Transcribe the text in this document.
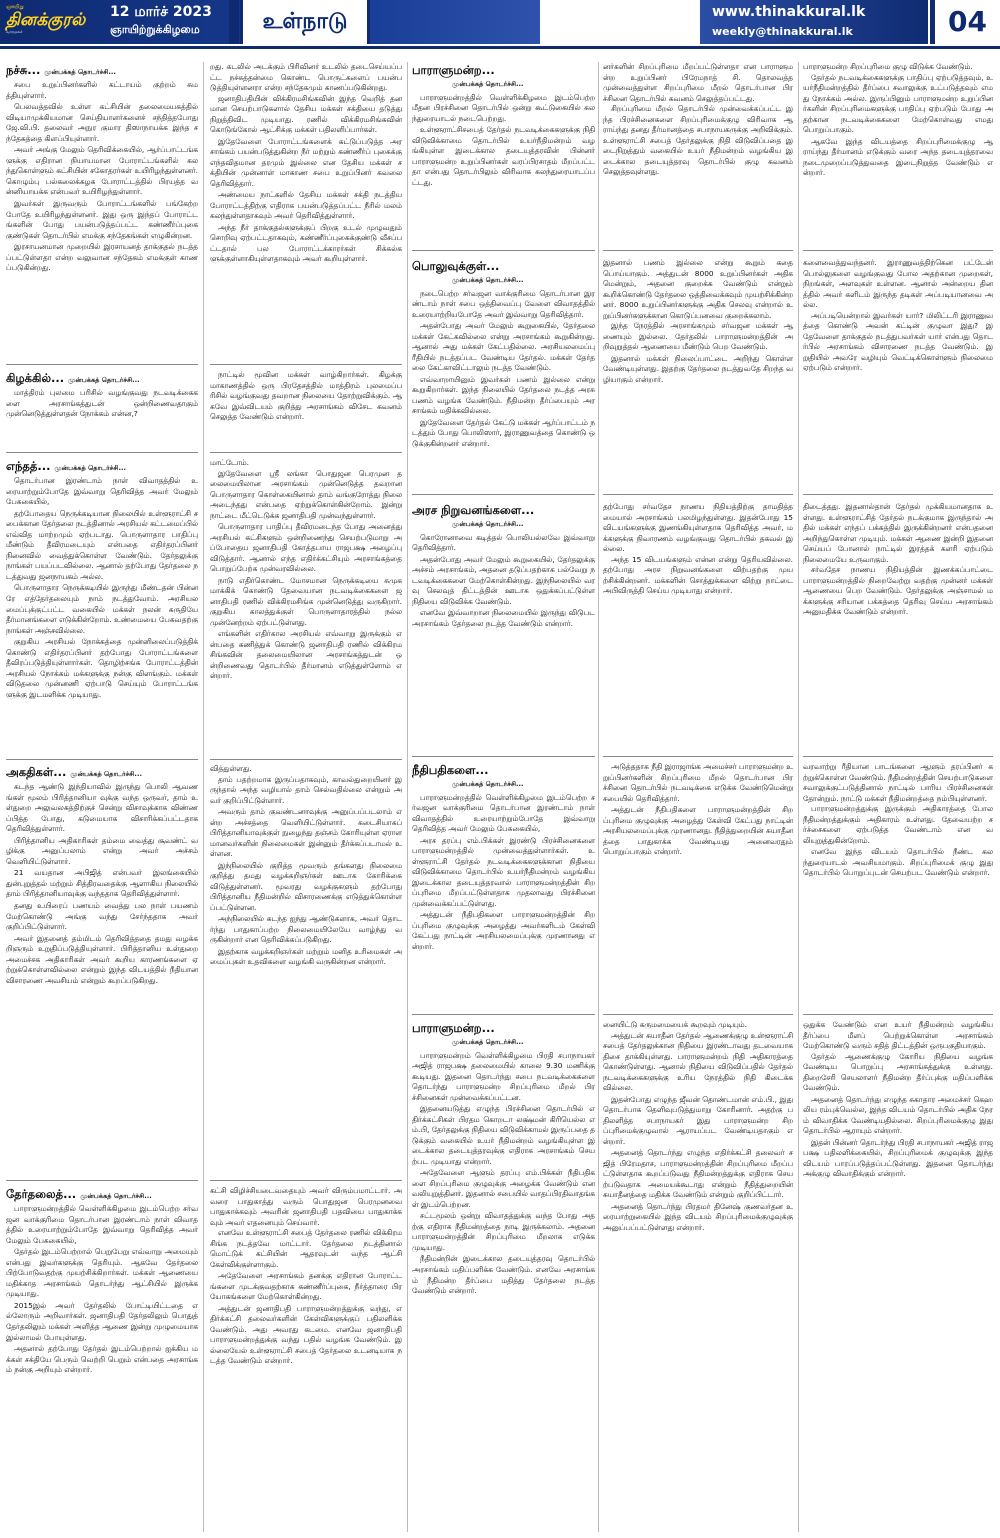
ஞாயிறு
தினக்குரல்
வாரமலர்
12 மார்ச் 2023
ஞாயிற்றுக்கிழமை	உள்நாடு	www.thinakkural.lk
weekly@thinakkural.lk	04
நச்சு... முன்பக்கத் தொடர்ச்சி...

சபை உறுப்பினர்களில் கட்டாயம் குற்றம் சுமத்தியுள்ளார்.

பெலவத்தவில் உள்ள கட்சியின் தலைமையகத்தில் விடியாமுக்கியமான செய்தியாளர்களைச் சந்தித்தபோது ஜே.வி.பி. தலைவர் அநுர குமார திஸாநாயக்க இந்த சந்தேகத்தை கிளப்பியுள்ளார்.

அவர் அங்கு மேலும் தெரிவிக்கையில், ஆர்ப்பாட்டங்களுக்கு எதிரான நியாயமான போராட்டங்களில் கலந்துகொள்ளும் கட்சியின் சகோதரர்கள் உயிரிழந்துள்ளனர். கொழும்பு பல்கலைக்கழக போராட்டத்தில் பிரயத்த வன்னியாயக்க என்பவர் உயிரிழந்துள்ளார்.

இவர்கள் இருவரும் போராட்டங்களில் பங்கேற்ற போதே உயிரிழந்துள்ளனர். இது ஒரு இந்தப் போராட்டங்களின் போது பயன்படுத்தப்பட்ட கண்ணீர்ப்புகை குண்டுகள் தொடர்பில் எமக்கு சந்தேகங்கள் எழுகின்றன.

இரசாயனமான முறையில் இரசாயனத் தாக்குதல் நடத்தப்பட்டுள்ளதா என்ற வலுவான சந்தேகம் எமக்குள் காணப்படுகின்றது.

கிழக்கில்... முன்பக்கத் தொடர்ச்சி...

மாத்திரம் புலமை பரிசில் வழங்குவது நடவடிக்கைகளை அரசாங்கத்துடன் ஒன்றிணைவதாகும் முன்னெடுத்துள்ளதன் நோக்கம் என்ன,?

எந்தத்... முன்பக்கத் தொடர்ச்சி...

தொடர்பான இரண்டாம் நாள் விவாதத்தில் உரையாற்றும்போதே இவ்வாறு தெரிவித்த அவர் மேலும் பேசுகையில்,

தற்போதைய நெருக்கடியான நிலையில் உள்ளூராட்சி சபைக்கான தேர்தலை நடத்தினால் அரசியல் கட்டமைப்பில் எவ்வித மாற்றமும் ஏற்படாது. பொருளாதார பாதிப்பு மீண்டும் தீவிரமடையும் என்பதை எதிர்தரப்பினர் நினைவில் வைத்துக்கொள்ள வேண்டும். தேர்தலுக்கு நாங்கள் பயப்படவில்லை. ஆனால் தற்போது தேர்தலை நடத்துவது ஜனநாயகம் அல்ல.

பொருளாதார நெருக்கடியில் இருந்து மீண்டதன் பின்னரே எத்தேர்தலையும் நாம் நடத்துவோம். அரசியலமைப்புக்குட்பட்ட வகையில் மக்கள் நலன் கருதியே தீர்மானங்களை எடுக்கின்றோம். உண்மையை பேசுவதற்கு நாங்கள் அஞ்சவில்லை.

குறுகிய அரசியல் நோக்கத்தை முன்னிலைப்படுத்திக் கொண்டு எதிர்தரப்பினர் தற்போது போராட்டங்களை தீவிரப்படுத்தியுள்ளார்கள். தொழிற்சங்க போராட்டத்தின் அரசியல் நோக்கம் மக்களுக்கு நன்கு விளங்கும். மக்கள் விடுதலை முன்னணி ஏற்பாடு செய்யும் போராட்டங்களுக்கு இடமளிக்க முடியாது.

அகதிகள்... முன்பக்கத் தொடர்ச்சி...

கடந்த ஆண்டு இந்தியாவில் இருந்து பொலி ஆவணங்கள் மூலம் பிரித்தானியா வுக்கு வந்த ஒருவர், தாம் உள்துறை அலுவலகத்திற்குச் சென்று விசாவுக்காக விண்ணப்பித்த போது, கடுமையாக விசாரிக்கப்பட்டதாக தெரிவித்துள்ளார்.

பிரித்தானிய அதிகாரிகள் தம்மை வைத்து சூவண்ட் வழிக்கு அனுப்பலாம் என்று அவர் அச்சம் வெளியிட்டுள்ளார்.

21 வயதான அபிஜித் என்பவர் இலங்கையில் துன்புறுத்தல் மற்றும் சித்திரவதைக்கு ஆளாகிய நிலையில் தாம் பிரித்தானியாவுக்கு வந்ததாக தெரிவித்துள்ளார்.

தனது உயிரைப் பணயம் வைத்து பல நாள் பயணம் மேற்கொண்டு அங்கு வந்து சேர்ந்ததாக அவர் குறிப்பிட்டுள்ளார்.

அவர் இதனைத் தம்மிடம் தெரிவித்ததை தமது வழக்கறிஞரும் உறுதிப்படுத்தியுள்ளார். பிரித்தானிய உள்துறை அமைச்சக அதிகாரிகள் அவர் கூறிய காரணங்களை ஏற்றுக்கொள்ளவில்லை என்றும் இந்த விடயத்தில் நீதியான விசாரணை அவசியம் என்றும் கூறப்படுகிறது.

தேர்தலைத்... முன்பக்கத் தொடர்ச்சி...

பாராளுமன்றத்தில் வெள்ளிக்கிழமை இடம்பெற்ற சர்வஜன வாக்குரிமை தொடர்பான இரண்டாம் நாள் விவாதத்தில் உரையாற்றும்போதே இவ்வாறு தெரிவித்த அவர் மேலும் பேசுகையில்,

தேர்தல் இடம்பெற்றால் பெறுபேறு எவ்வாறு அமையும் என்பது இவர்களுக்கு தெரியும். ஆகவே தேர்தலை பிற்போடுவதற்கு முயற்சிக்கிறார்கள். மக்கள் ஆணையை மதிக்காத அரசாங்கம் தொடர்ந்து ஆட்சியில் இருக்க முடியாது.

2015இல் அவர் தேர்தலில் போட்டியிட்டதை எல்லோரும் அறிவார்கள். ஜனாதிபதி தேர்தலிலும் பொதுத் தேர்தலிலும் மக்கள் அளித்த ஆணை இன்று முழுமையாக இல்லாமல் போயுள்ளது.

அதனால் தற்போது தேர்தல் இடம்பெற்றால் ஐக்கிய மக்கள் சக்தியே பெரும் வெற்றி பெறும் என்பதை அரசாங்கம் நன்கு அறியும் என்றார்.

றது. கடலில் அடக்கும் பிரிவினர் உடலில் தடைசெய்யப்பட்ட நச்சுத்தன்மை கொண்ட பொருட்களைப் பயன்படுத்தியுள்ளனரா என்ற சந்தேகமும் காணப்படுகின்றது.

ஜனாதிபதியின் விக்கிரமசிங்கவின் இந்த வெறித் தனமான செயற்பாடுகளால் தேசிய மக்கள் சக்தியை தடுத்து நிறுத்திவிட முடியாது. ரணில் விக்கிரமசிங்கவின் கொடுங்கோல் ஆட்சிக்கு மக்கள் பதிலளிப்பார்கள்.

இதேவேளை போராட்டங்களைக் கட்டுப்படுத்த அரசாங்கம் பயன்படுத்துகின்ற நீர் மற்றும் கண்ணீர்ப் புகைக்கு எந்தவிதமான தரமும் இல்லை என தேசிய மக்கள் சக்தியின் முன்னாள் மாகாண சபை உறுப்பினர் கவலை தெரிவித்தார்.

அண்மைய நாட்களில் தேசிய மக்கள் சக்தி நடத்திய போராட்டத்திற்கு எதிராக பயன்படுத்தப்பட்ட நீரில் மலம் கலந்துள்ளதாகவும் அவர் தெரிவித்துள்ளார்.

அந்த நீர் தாக்குதல்களுக்குப் பிறகு உடல் முழுவதும் சொறிவு ஏற்பட்டதாகவும், கண்ணீர்ப்புகைக்குண்டு வீசப்பட்டதால் பல போராட்டக்காரர்கள் சிக்கல்களுக்குள்ளாகியுள்ளதாகவும் அவர் கூறியுள்ளார்.

நாட்டில் மூவின மக்கள் வாழ்கிறார்கள். கிழக்கு மாகாணத்தில் ஒரு பிரதேசத்தில் மாத்திரம் புலமைப்பரிசில் வழங்குவது தவறான நிலையை தோற்றுவிக்கும். ஆகவே இவ்விடயம் குறித்து அரசாங்கம் விசேட கவனம் செலுத்த வேண்டும் என்றார்.

மாட்டோம்.

இதேவேளை ஸ்ரீ லங்கா பொதுஜன பெரமுன தலைமையிலான அரசாங்கம் முன்னெடுத்த தவறான பொருளாதார கொள்கையினால் தாம் வங்குரோத்து நிலை அடைந்தது என்பதை ஏற்றுக்கொள்கின்றோம். இன்று நாட்டை மீட்டெடுக்க ஜனாதிபதி முன்வந்துள்ளார்.

பொருளாதார பாதிப்பு தீவிரமடைந்த போது அனைத்து அரசியல் கட்சிகளும் ஒன்றிணைந்து செயற்படுமாறு அப்போதைய ஜனாதிபதி கோத்தபாய ராஜபக்ஷ அழைப்பு விடுத்தார். ஆனால் எந்த எதிர்க்கட்சியும் அரசாங்கத்தை பொறுப்பேற்க முன்வரவில்லை.

நாடு எதிர்கொண்ட மோசமான நெருக்கடியை சுமுகமாக்கிக் கொண்டு தேவையான நடவடிக்கைகளை ஜனாதிபதி ரணில் விக்கிரமசிங்க முன்னெடுத்து வருகிறார். குறுகிய காலத்துக்குள் பொருளாதாரத்தில் நல்ல முன்னேற்றம் ஏற்பட்டுள்ளது.

எங்களின் எதிர்கால அரசியல் எவ்வாறு இருக்கும் என்பதை கணித்துக் கொண்டு ஜனாதிபதி ரணில் விக்கிரமசிங்கவின் தலைமையிலான அரசாங்கத்துடன் ஒன்றிணைவது தொடர்பில் தீர்மானம் எடுத்துள்ளோம் என்றார்.

வித்துள்ளது.

தாம் பதற்றமாக இருப்பதாகவும், காவல்துறையினர் இருந்தால் அந்த வழியால் தாம் செல்வதில்லை என்றும் அவர் குறிப்பிட்டுள்ளார்.

அவரும் தாம் குவண்டனாவுக்கு அனுப்பப்படலாம் என்ற அச்சத்தை வெளியிட்டுள்ளார். கடைசியாகப் பிரித்தானியாவுக்குள் நுழைந்து தஞ்சம் கோரியுள்ள ஏராளமானவர்களின் நிலைமைகள் இன்னும் தீர்க்கப்படாமல் உள்ளன.

இந்நிலையில் குறித்த மூவரும் தங்களது நிலைமை குறித்து தமது வழக்கறிஞர்கள் ஊடாக கோரிக்கை விடுத்துள்ளனர். மூவரது வழக்குகளும் தற்போது பிரித்தானிய நீதிமன்றில் விசாரணைக்கு எடுத்துக்கொள்ளப்பட்டுள்ளன.

அந்நிலையில் கடந்த ஐந்து ஆண்டுகளாக, அவர் தொடர்ந்து பாதுகாப்பற்ற நிலைமையிலேயே வாழ்ந்து வருகின்றார் என தெரிவிக்கப்படுகிறது.

இதற்காக வழக்கறிஞர்கள் மற்றும் மனித உரிமைகள் அமைப்புகள் உதவிகளை வழங்கி வருகின்றன என்றார்.

கட்சி விழிச்சியடைவதையும் அவர் விரும்பமாட்டார். அவரை பாதுகாத்து வரும் பொதுஜன பெரமுனவை பாதுகாக்கவும் அவரின் ஜனாதிபதி பதவியை பாதுகாக்கவும் அவர் எதனையும் செய்வார்.

எனவே உள்ளூராட்சி சபைத் தேர்தலை ரணில் விக்கிரமசிங்க நடத்தவே மாட்டார். தேர்தலை நடத்தினால் மொட்டுக் கட்சியின் ஆதரவுடன் வந்த ஆட்சி கேள்விக்குள்ளாகும்.

அதேவேளை அரசாங்கம் தனக்கு எதிரான போராட்டங்களை முடக்குவதற்காக கண்ணீர்ப்புகை, நீர்த்தாரை பிரயோகங்களை மேற்கொள்கின்றது.

அத்துடன் ஜனாதிபதி பாராளுமன்றத்துக்கு வந்து, எதிர்க்கட்சி தலைவர்களின் கேள்விகளுக்குப் பதிலளிக்க வேண்டும். அது அவரது கடமை. எனவே ஜனாதிபதி பாராளுமன்றத்துக்கு வந்து பதில் வழங்க வேண்டும். இல்லையேல் உள்ளூராட்சி சபைத் தேர்தலை உடனடியாக நடத்த வேண்டும் என்றார்.

பாராளுமன்ற...
முன்பக்கத் தொடர்ச்சி...

பாராளுமன்றத்தில் வெள்ளிக்கிழமை இடம்பெற்ற மீதன பிரச்சினை தொடர்பில் ஒன்று கூட்டுகையில் கலந்துரையாடல் நடைபெற்றது.

உள்ளூராட்சிசபைத் தேர்தல் நடவடிக்கைகளுக்கு நிதி விடுவிக்காமை தொடர்பில் உயர்நீதிமன்றம் வழங்கியுள்ள இடைக்கால தடையுத்தரவின் பின்னர் பாராளுமன்ற உறுப்பினர்கள் வரப்பிரசாதம் மீறப்பட்டதா என்பது தொடர்பிலும் விரிவாக கலந்துரையாடப்பட்டது.

பொலுவுக்குள்...
முன்பக்கத் தொடர்ச்சி...

நடைபெற்ற சர்வஜன வாக்குரிமை தொடர்பான இரண்டாம் நாள் சபை ஒத்திவைப்பு வேளை விவாதத்தில் உரையாற்றியபோதே அவர் இவ்வாறு தெரிவித்தார்.

அதன்போது அவர் மேலும் கூறுகையில், தேர்தலை மக்கள் கேட்கவில்லை என்று அரசாங்கம் கூறுகின்றது. ஆனால் அது மக்கள் கேட்பதில்லை. அரசியலமைப்பு ரீதியில் நடத்தப்பட வேண்டிய தேர்தல். மக்கள் தேர்தலை கேட்காவிட்டாலும் நடத்த வேண்டும்.

எவ்வாறாயினும் இவர்கள் பணம் இல்லை என்று கூறுகிறார்கள். இந்த நிலையில் தேர்தலை நடத்த அரசு பணம் வழங்க வேண்டும். நீதிமன்ற தீர்ப்பையும் அரசாங்கம் மதிக்கவில்லை.

இதேவேளை தேர்தல் கேட்டு மக்கள் ஆர்ப்பாட்டம் நடத்தும் போது பொலிஸார், இராணுவத்தை கொண்டு ஒடுக்குகின்றனர் என்றார்.

அரச நிறுவனங்களை...
முன்பக்கத் தொடர்ச்சி...

கொரோனாவை கடித்தல் பொலியல்லவே இவ்வாறு தெரிவித்தார்.

அதன்போது அவர் மேலும் கூறுகையில், தேர்தலுக்கு அச்சம் அரசாங்கம், அதனை தடுப்பதற்காக பல்வேறு நடவடிக்கைகளை மேற்கொள்கின்றது. இந்நிலையில் வரவு செலவுத் திட்டத்தின் ஊடாக ஒதுக்கப்பட்டுள்ள நிதியை விடுவிக்க வேண்டும்.

எனவே இவ்வாறான நிலைமையில் இருந்து விடுபட அரசாங்கம் தேர்தலை நடத்த வேண்டும் என்றார்.

நீதிபதிகளை...
முன்பக்கத் தொடர்ச்சி...

பாராளுமன்றத்தில் வெள்ளிக்கிழமை இடம்பெற்ற சர்வஜன வாக்குரிமை தொடர்பான இரண்டாம் நாள் விவாதத்தில் உரையாற்றும்போதே இவ்வாறு தெரிவித்த அவர் மேலும் பேசுகையில்,

அரச தரப்பு எம்.பிக்கள் இரண்டு பிரச்சினைகளை பாராளுமன்றத்தில் முன்வைத்துள்ளார்கள். உள்ளூராட்சி தேர்தல் நடவடிக்கைகளுக்கான நிதியை விடுவிக்காமை தொடர்பில் உயர்நீதிமன்றம் வழங்கிய இடைக்கால தடையுத்தரவால் பாராளுமன்றத்தின் சிறப்புரிமை மீறப்பட்டுள்ளதாக முதலாவது பிரச்சினை முன்வைக்கப்பட்டுள்ளது.

அத்துடன் நீதிபதிகளை பாராளுமன்றத்தின் சிறப்புரிமை குழுவுக்கு அழைத்து அவர்களிடம் கேள்வி கேட்பது நாட்டின் அரசியலமைப்புக்கு முரணானது என்றார்.

பாராளுமன்ற...
முன்பக்கத் தொடர்ச்சி...

பாராளுமன்றம் வெள்ளிக்கிழமை பிரதி சபாநாயகர் அஜித் ராஜபக்ஷ தலைமையில் காலை 9.30 மணிக்கு கூடியது. இதனை தொடர்ந்து சபை நடவடிக்கைகளை தொடர்ந்து பாராளுமன்ற சிறப்புரிமை மீறல் பிரச்சினைகள் முன்வைக்கப்பட்டன.

இதனையடுத்து எழுந்த பிரச்சினை தொடர்பில் எதிர்க்கட்சிகள் பிரதம கொறடா லக்ஷ்மன் கிரியெல்ல எம்.பி, தேர்தலுக்கு நிதியை விடுவிக்காமல் இருப்பதை தடுக்கும் வகையில் உயர் நீதிமன்றம் வழங்கியுள்ள இடைக்கால தடையுத்தரவுக்கு எதிராக அரசாங்கம் செயற்பட முடியாது என்றார்.

அதேவேளை ஆளும் தரப்பு எம்.பிக்கள் நீதிபதிகளை சிறப்புரிமை குழுவுக்கு அழைக்க வேண்டும் என வலியுறுத்தினர். இதனால் சபையில் வாதப்பிரதிவாதங்கள் இடம்பெற்றன.

சட்டமூலம் ஒன்று விவாதத்துக்கு வந்த போது அதற்கு எதிராக நீதிமன்றத்தை நாடி இருக்கலாம். அதனை பாராளுமன்றத்தின் சிறப்புரிமை மீறலாக எடுக்க முடியாது.

நீதிமன்றின் இடைக்கால தடையுத்தரவு தொடர்பில் அரசாங்கம் மதிப்பளிக்க வேண்டும். எனவே அரசாங்கம் நீதிமன்ற தீர்ப்பை மதித்து தேர்தலை நடத்த வேண்டும் என்றார்.

னர்களின் சிறப்புரிமை மீறப்பட்டுள்ளதா என பாராளுமன்ற உறுப்பினர் பிரேமநாத் சி. தொலவத்த முன்வைத்துள்ள சிறப்புரிமை மீறல் தொடர்பான பிரச்சினை தொடர்பில் கவனம் செலுத்தப்பட்டது.

சிறப்புரிமை மீறல் தொடர்பில் முன்வைக்கப்பட்ட இந்த பிரச்சினைகளை சிறப்புரிமைக்குழு விரிவாக ஆராய்ந்து தனது தீர்மானத்தை சபாநாயகருக்கு அறிவிக்கும். உள்ளூராட்சி சபைத் தேர்தலுக்கு நிதி விடுவிப்பதை இடைநிறுத்தும் வகையில் உயர் நீதிமன்றம் வழங்கிய இடைக்கால தடையுத்தரவு தொடர்பில் குழு கவனம் செலுத்தவுள்ளது.

இதனால் பணம் இல்லை என்று கூறும் கதை பொய்யாகும். அத்துடன் 8000 உறுப்பினர்கள் அதிகமென்றும், அதனை குறைக்க வேண்டும் என்றும் கூறிக்கொண்டு தேர்தலை ஒத்திவைக்கவும் முயற்சிக்கின்றனர். 8000 உறுப்பினர்களுக்கு அதிக செலவு என்றால் உறுப்பினர்களுக்கான கொடுப்பனவை குறைக்கலாம்.

இந்த நேரத்தில் அரசாங்கமும் சர்வஜன மக்கள் ஆணையும் இல்லை. தேர்தலில் பாராளுமன்றத்தின் அறிவுறுத்தல் ஆணையை மீண்டும் பெற வேண்டும்.

இதனால் மக்கள் நிலைப்பாட்டை அறிந்து கொள்ள வேண்டியுள்ளது. இதற்கு தேர்தலை நடத்துவதே சிறந்த வழியாகும் என்றார்.

தற்போது சர்வதேச நாணய நிதியத்திற்கு தாமதித்தமையால் அரசாங்கம் பலமிழந்துள்ளது. இதன்போது 15 விடயங்களுக்கு இணங்கியுள்ளதாக தெரிவித்த அவர், மக்களுக்கு நிவாரணம் வழங்குவது தொடர்பில் தகவல் இல்லை.

அந்த 15 விடயங்களும் என்ன என்று தெரியவில்லை. தற்போது அரச நிறுவனங்களை விற்பதற்கு முயற்சிக்கின்றனர். மக்களின் சொத்துக்களை விற்று நாட்டை அபிவிருத்தி செய்ய முடியாது என்றார்.

அடுத்ததாக நீதி இராஜாங்க அமைச்சர் பாராளுமன்ற உறுப்பினர்களின் சிறப்புரிமை மீறல் தொடர்பான பிரச்சினை தொடர்பில் நடவடிக்கை எடுக்க வேண்டுமென்று சபையில் தெரிவித்தார்.

அத்துடன் நீதிபதிகளை பாராளுமன்றத்தின் சிறப்புரிமை குழுவுக்கு அழைத்து கேள்வி கேட்பது நாட்டின் அரசியலமைப்புக்கு முரணானது. நீதித்துறையின் சுயாதீனத்தை பாதுகாக்க வேண்டியது அனைவரதும் பொறுப்பாகும் என்றார்.

னையிட்டு கருமமையைக் கூறவும் முடியும்.

அத்துடன் சுயாதீன தேர்தல் ஆணைக்குழு உள்ளூராட்சி சபைத் தேர்தலுக்கான நிதியை இரண்டாவது தடவையாக திசை தாக்கியுள்ளது. பாராளுமன்றம் நிதி அதிகாரத்தை கொண்டுள்ளது. ஆனால் நிதியை விடுவிப்பதில் தேர்தல் நடவடிக்கைகளுக்கு உரிய நேரத்தில் நிதி கிடைக்கவில்லை.

இதன்போது எழுந்த ஜீவன் தொண்டமான் எம்.பி., இது தொடர்பாக தெளிவுபடுத்துமாறு கோரினார். அதற்கு பதிலளித்த சபாநாயகர் இது பாராளுமன்ற சிறப்புரிமைக்குழுவால் ஆராயப்பட வேண்டியதாகும் என்றார்.

அதனைத் தொடர்ந்து எழுந்த எதிர்க்கட்சி தலைவர் சஜித் பிரேமதாச, பாராளுமன்றத்தின் சிறப்புரிமை மீறப்பட்டுள்ளதாக கூறப்படுவது நீதிமன்றத்துக்கு எதிராக செயற்படுவதாக அமையக்கூடாது என்றும் நீதித்துறையின் சுயாதீனத்தை மதிக்க வேண்டும் என்றும் குறிப்பிட்டார்.

அதனைத் தொடர்ந்து பிரதமர் தினேஷ் குணவர்தன உரையாற்றுகையில் இந்த விடயம் சிறப்புரிமைக்குழுவுக்கு அனுப்பப்பட்டுள்ளது என்றார்.

பாராளுமன்ற சிறப்புரிமை குழு விடுக்க வேண்டும்.

தேர்தல் நடவடிக்கைகளுக்கு பாதிப்பு ஏற்படுத்தவும், உயர்நீதிமன்றத்தில் தீர்ப்பை சவாலுக்கு உட்படுத்தவும் எமது நோக்கம் அல்ல. இருப்பினும் பாராளுமன்ற உறுப்பினர்களின் சிறப்புரிமைகளுக்கு பாதிப்பு ஏற்படும் போது அதற்கான நடவடிக்கைகளை மேற்கொள்வது எமது பொறுப்பாகும்.

ஆகவே இந்த விடயத்தை சிறப்புரிமைக்குழு ஆராய்ந்து தீர்மானம் எடுக்கும் வரை அந்த தடையுத்தரவை நடைமுறைப்படுத்துவதை இடைநிறுத்த வேண்டும் என்றார்.

களைவைத்துவந்தனர். இராணுவத்திற்கென பட்டேன் பொல்லுகளை வழங்குவது போல அதற்கான முறைகள், நிறங்கள், அளவுகள் உள்ளன. ஆனால் அன்றைய தினத்தில் அவர் களிடம் இருந்த தடிகள் அப்படியானவை அல்ல.

அப்படியென்றால் இவர்கள் யார்? மிலிட்டரி இராணுவத்தை கொண்டு அவன் கட்டின் குழுவா இது? இதேவேளை தாக்குதல் நடத்துபவர்கள் யார் என்பது தொடர்பில் அரசாங்கம் விசாரணை நடத்த வேண்டும். இறுதியில் அவரே வழியும் வெட்டிக்கொள்ளும் நிலைமை ஏற்படும் என்றார்.

திடைத்தது. இதனால்தான் தேர்தல் முக்கியமானதாக உள்ளது. உள்ளூராட்சித் தேர்தல் நடக்குமாக இருந்தால் அதில் மக்கள் எந்தப் பக்கத்தில் இருக்கின்றனர் என்பதனை அறிந்துகொள்ள முடியும். மக்கள் ஆணை இன்றி இதனை செய்யப் போனால் நாட்டில் இரத்தக் களரி ஏற்படும் நிலைமையே உருவாகும்.

சர்வதேச நாணய நிதியத்தின் இணக்கப்பாட்டை பாராளுமன்றத்தில் நிறைவேற்று வதற்கு முன்னர் மக்கள் ஆணையை பெற வேண்டும். தேர்தலுக்கு அஞ்சாமல் மக்களுக்கு சரியான பக்கத்தை தெரிவு செய்ய அரசாங்கம் அனுமதிக்க வேண்டும் என்றார்.

வரவாற்று ரீதியான பாடங்களை ஆளும் தரப்பினர் கற்றுக்கொள்ள வேண்டும். நீதிமன்றத்தின் செயற்பாடுகளை சவாலுக்குட்படுத்தினால் நாட்டில் பாரிய பிரச்சினைகள் தோன்றும். நாட்டு மக்கள் நீதிமன்றத்தை நம்பியுள்ளனர்.

பாராளுமன்றத்துக்கு இருக்கும் அதிகாரத்தை போல நீதிமன்றத்துக்கும் அதிகாரம் உள்ளது. தேவையற்ற சர்ச்சைகளை ஏற்படுத்த வேண்டாம் என வலியுறுத்துகின்றோம்.

எனவே இந்த விடயம் தொடர்பில் நீண்ட கலந்துரையாடல் அவசியமாகும். சிறப்புரிமைக் குழு இது தொடர்பில் பொறுப்புடன் செயற்பட வேண்டும் என்றார்.

ஒதுக்க வேண்டும் என உயர் நீதிமன்றம் வழங்கிய தீர்ப்பை மீளப் பெற்றுக்கொள்ள அரசாங்கம் மேற்கொண்டு வரும் சதித் திட்டத்தின் ஒருபகுதியாகும்.

தேர்தல் ஆணைக்குழு கோரிய நிதியை வழங்க வேண்டிய பொறுப்பு அரசாங்கத்துக்கு உள்ளது. திறைசேரி செயலாளர் நீதிமன்ற தீர்ப்புக்கு மதிப்பளிக்க வேண்டும்.

அதனைத் தொடர்ந்து எழுந்த சுகாதார அமைச்சர் கெஹலிய ரம்புக்வெல்ல, இந்த விடயம் தொடர்பில் அதிக நேரம் விவாதிக்க வேண்டியதில்லை. சிறப்புரிமைக்குழு இது தொடர்பில் ஆராயும் என்றார்.

இதன் பின்னர் தொடர்ந்து பிரதி சபாநாயகர் அஜித் ராஜபக்ஷ பதிலளிக்கையில், சிறப்புரிமைக் குழுவுக்கு இந்த விடயம் பாரப்படுத்தப்பட்டுள்ளது. இதனை தொடர்ந்து அக்குழு விவாதிக்கும் என்றார்.
